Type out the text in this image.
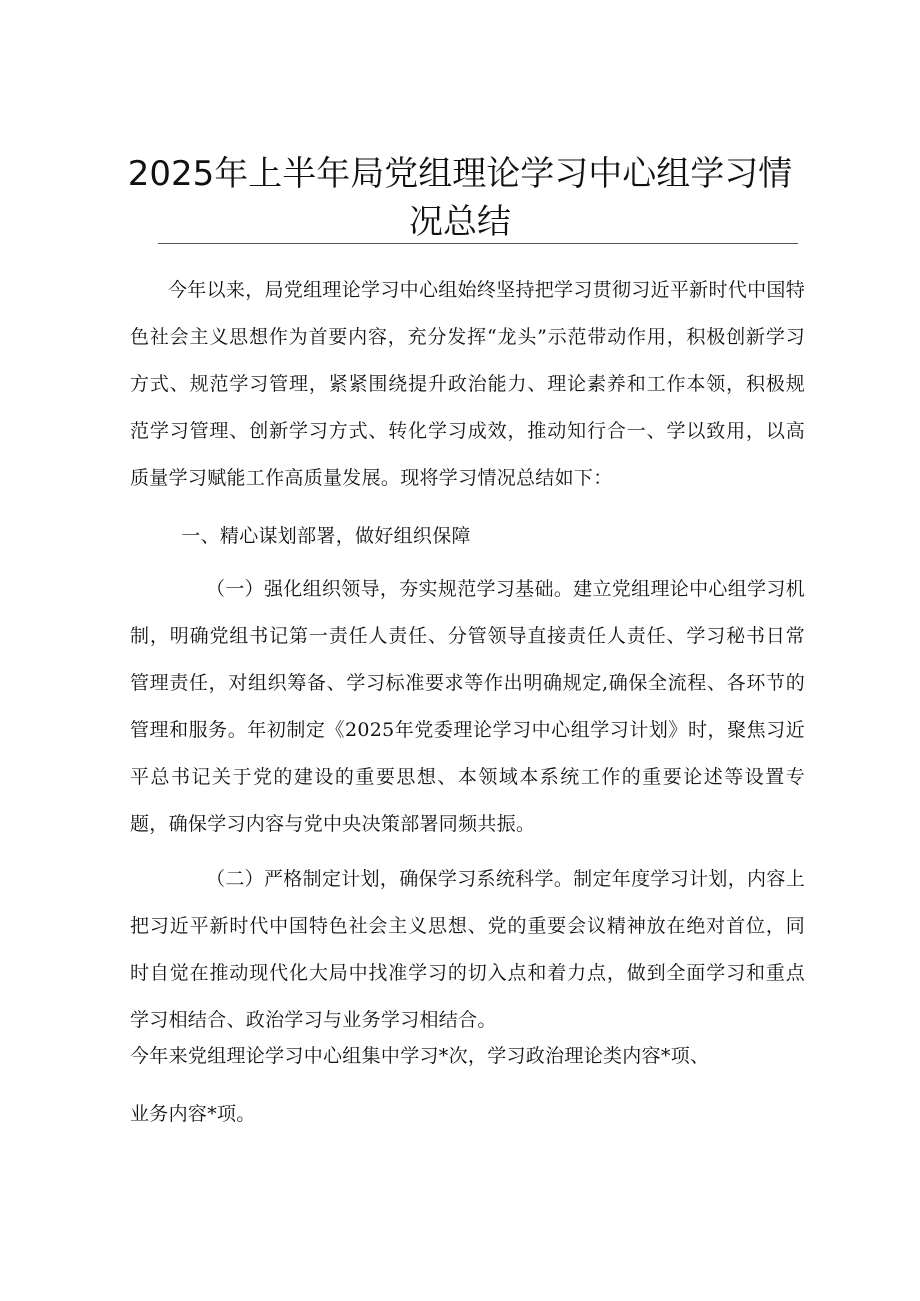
2025年上半年局党组理论学习中心组学习情
况总结
今年以来，局党组理论学习中心组始终坚持把学习贯彻习近平新时代中国特色社会主义思想作为首要内容，充分发挥“龙头”示范带动作用，积极创新学习方式、规范学习管理，紧紧围绕提升政治能力、理论素养和工作本领，积极规范学习管理、创新学习方式、转化学习成效，推动知行合一、学以致用，以高质量学习赋能工作高质量发展。现将学习情况总结如下：
一、精心谋划部署，做好组织保障
（一）强化组织领导，夯实规范学习基础。建立党组理论中心组学习机制，明确党组书记第一责任人责任、分管领导直接责任人责任、学习秘书日常管理责任，对组织筹备、学习标准要求等作出明确规定,确保全流程、各环节的管理和服务。年初制定《2025年党委理论学习中心组学习计划》时，聚焦习近平总书记关于党的建设的重要思想、本领域本系统工作的重要论述等设置专题，确保学习内容与党中央决策部署同频共振。
（二）严格制定计划，确保学习系统科学。制定年度学习计划，内容上把习近平新时代中国特色社会主义思想、党的重要会议精神放在绝对首位，同时自觉在推动现代化大局中找准学习的切入点和着力点，做到全面学习和重点学习相结合、政治学习与业务学习相结合。
今年来党组理论学习中心组集中学习*次，学习政治理论类内容*项、
业务内容*项。
